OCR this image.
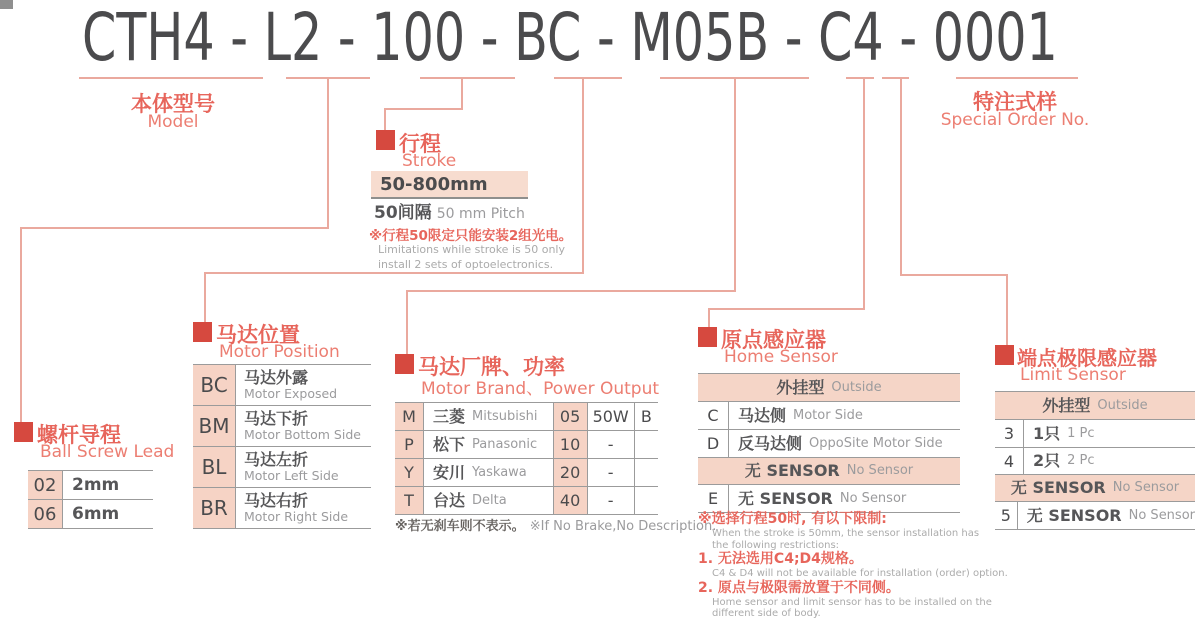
CTH4 - L2 - 100 - BC - M05B - C4 - 0001
本体型号
Model
特注式样
Special Order No.
行程
Stroke
50-800mm
50间隔 50 mm Pitch
※行程50限定只能安装2组光电。
Limitations while stroke is 50 only
install 2 sets of optoelectronics.
马达位置
Motor Position
BC	马达外露
Motor Exposed
BM 马达下折
Motor Bottom Side
BL	马达左折
Motor Left Side
BR	马达右折
Motor Right Side
螺杆导程
Ball Screw Lead
02 2mm
06 6mm
马达厂牌、功率
Motor Brand、Power Output
M	三菱 Mitsubishi	05 50W B
P	松下 Panasonic	10	-
Y	安川 Yaskawa	20	-
T	台达 Delta	40	-
※若无刹车则不表示。 ※If No Brake,No Description.
原点感应器
Home Sensor
外挂型 Outside
C	马达侧 Motor Side
D	反马达侧 OppoSite Motor Side
无 SENSOR No Sensor
E	无 SENSOR No Sensor
※选择行程50时, 有以下限制:
When the stroke is 50mm, the sensor installation has
the following restrictions:
1. 无法选用C4;D4规格。
C4 & D4 will not be available for installation (order) option.
2. 原点与极限需放置于不同侧。
Home sensor and limit sensor has to be installed on the
different side of body.
端点极限感应器
Limit Sensor
外挂型 Outside
3	1只 1 Pc
4	2只 2 Pc
无 SENSOR No Sensor
5 无 SENSOR No Sensor
